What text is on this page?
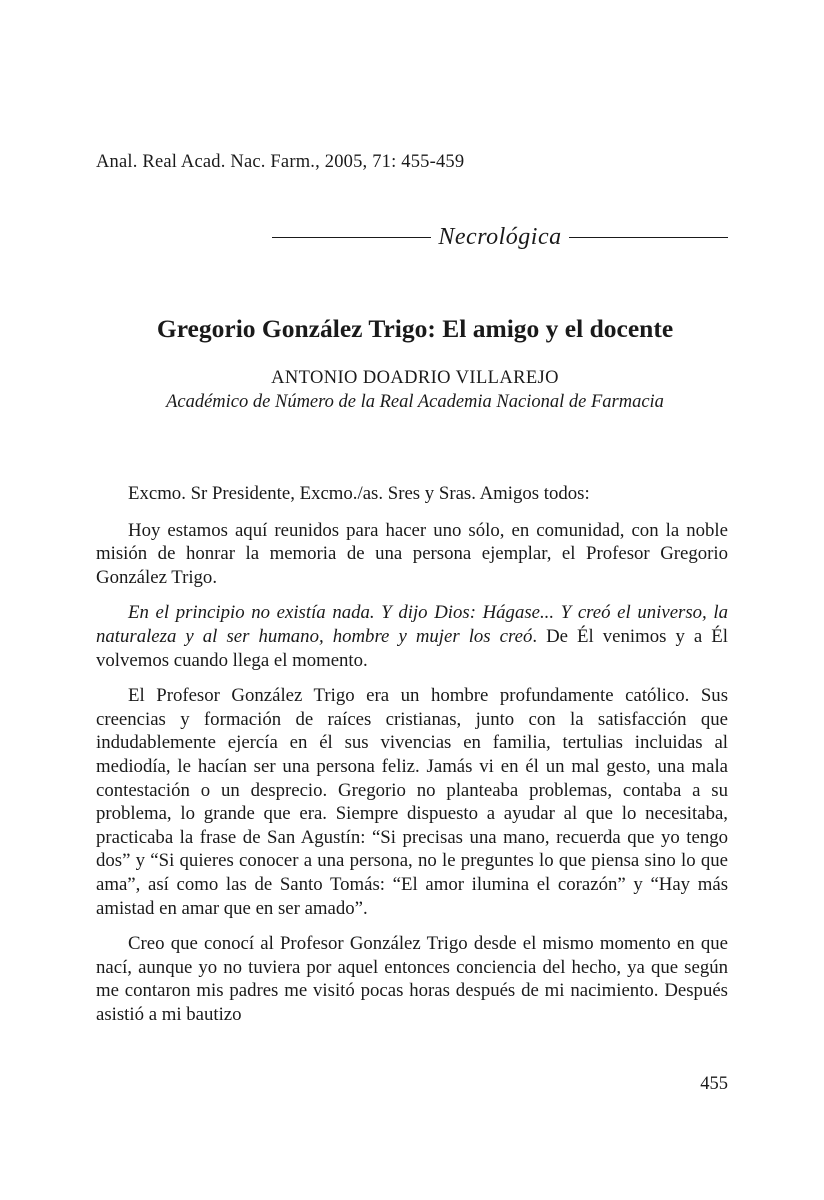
Anal. Real Acad. Nac. Farm., 2005, 71: 455-459
Necrológica
Gregorio González Trigo: El amigo y el docente
ANTONIO DOADRIO VILLAREJO
Académico de Número de la Real Academia Nacional de Farmacia

Excmo. Sr Presidente, Excmo./as. Sres y Sras. Amigos todos:

Hoy estamos aquí reunidos para hacer uno sólo, en comunidad, con la noble misión de honrar la memoria de una persona ejemplar, el Profesor Gregorio González Trigo.

En el principio no existía nada. Y dijo Dios: Hágase... Y creó el universo, la naturaleza y al ser humano, hombre y mujer los creó. De Él venimos y a Él volvemos cuando llega el momento.

El Profesor González Trigo era un hombre profundamente católico. Sus creencias y formación de raíces cristianas, junto con la satisfacción que indudablemente ejercía en él sus vivencias en familia, tertulias incluidas al mediodía, le hacían ser una persona feliz. Jamás vi en él un mal gesto, una mala contestación o un desprecio. Gregorio no planteaba problemas, contaba a su problema, lo grande que era. Siempre dispuesto a ayudar al que lo necesitaba, practicaba la frase de San Agustín: “Si precisas una mano, recuerda que yo tengo dos” y “Si quieres conocer a una persona, no le preguntes lo que piensa sino lo que ama”, así como las de Santo Tomás: “El amor ilumina el corazón” y “Hay más amistad en amar que en ser amado”.

Creo que conocí al Profesor González Trigo desde el mismo momento en que nací, aunque yo no tuviera por aquel entonces conciencia del hecho, ya que según me contaron mis padres me visitó pocas horas después de mi nacimiento. Después asistió a mi bautizo

455
